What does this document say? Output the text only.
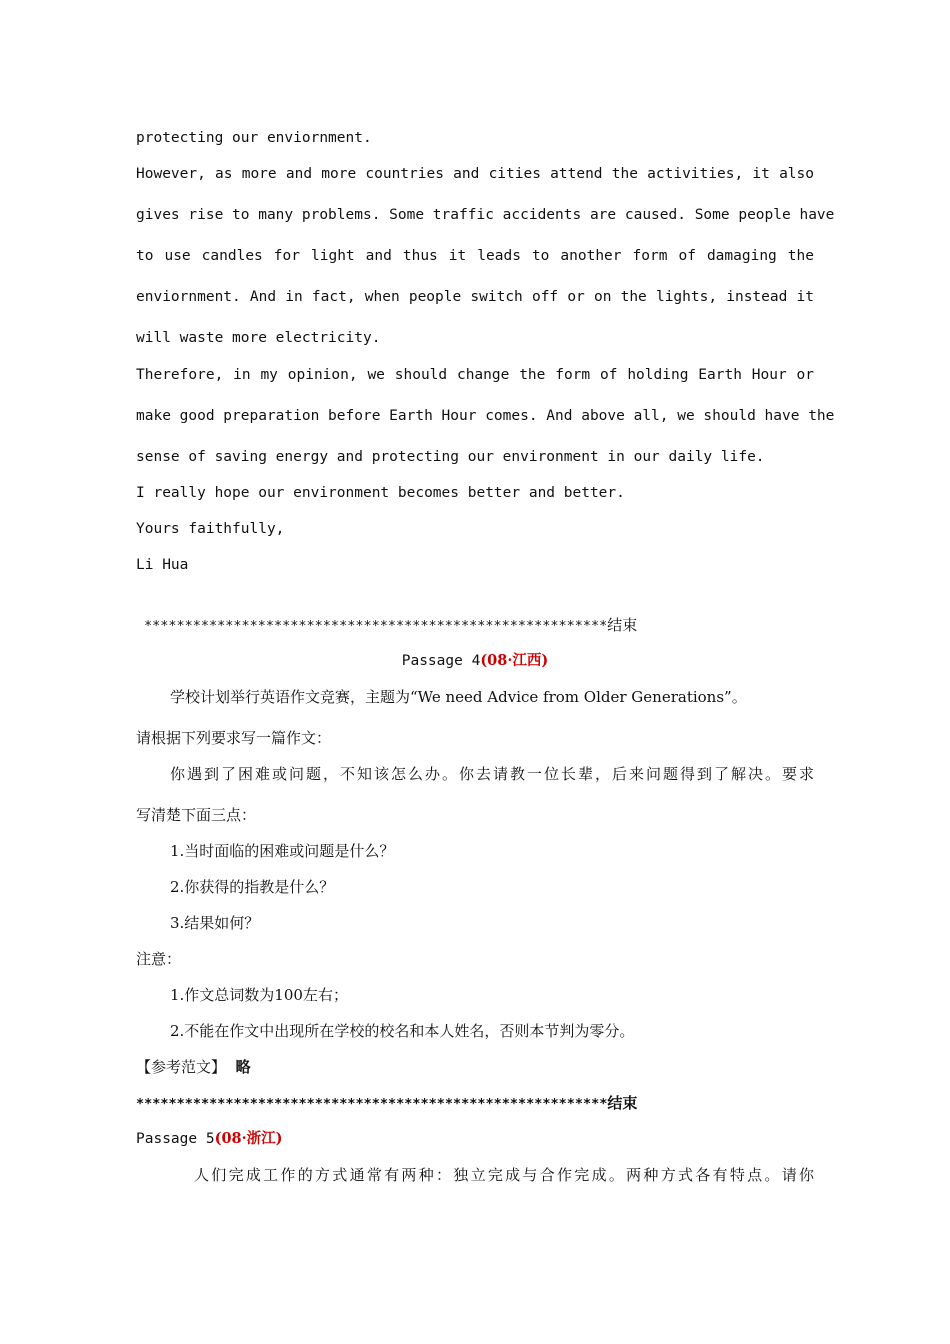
protecting our enviornment.
However, as more and more countries and cities attend the activities, it also
gives rise to many problems. Some traffic accidents are caused. Some people have
to use candles for light and thus it leads to another form of damaging the
enviornment. And in fact, when people switch off or on the lights, instead it
will waste more electricity.
Therefore, in my opinion, we should change the form of holding Earth Hour or
make good preparation before Earth Hour comes. And above all, we should have the
sense of saving energy and protecting our environment in our daily life.
I really hope our environment becomes better and better.
Yours faithfully,
Li Hua
*********************************************************结束
Passage 4(08·江西)
学校计划举行英语作文竞赛，主题为“We need Advice from Older Generations”。
请根据下列要求写一篇作文：
你遇到了困难或问题，不知该怎么办。你去请教一位长辈，后来问题得到了解决。要求
写清楚下面三点：
1.当时面临的困难或问题是什么？
2.你获得的指教是什么？
3.结果如何？
注意：
1.作文总词数为100左右；
2.不能在作文中出现所在学校的校名和本人姓名，否则本节判为零分。
【参考范文】 略
**********************************************************结束
Passage 5(08·浙江)
人们完成工作的方式通常有两种：独立完成与合作完成。两种方式各有特点。请你
